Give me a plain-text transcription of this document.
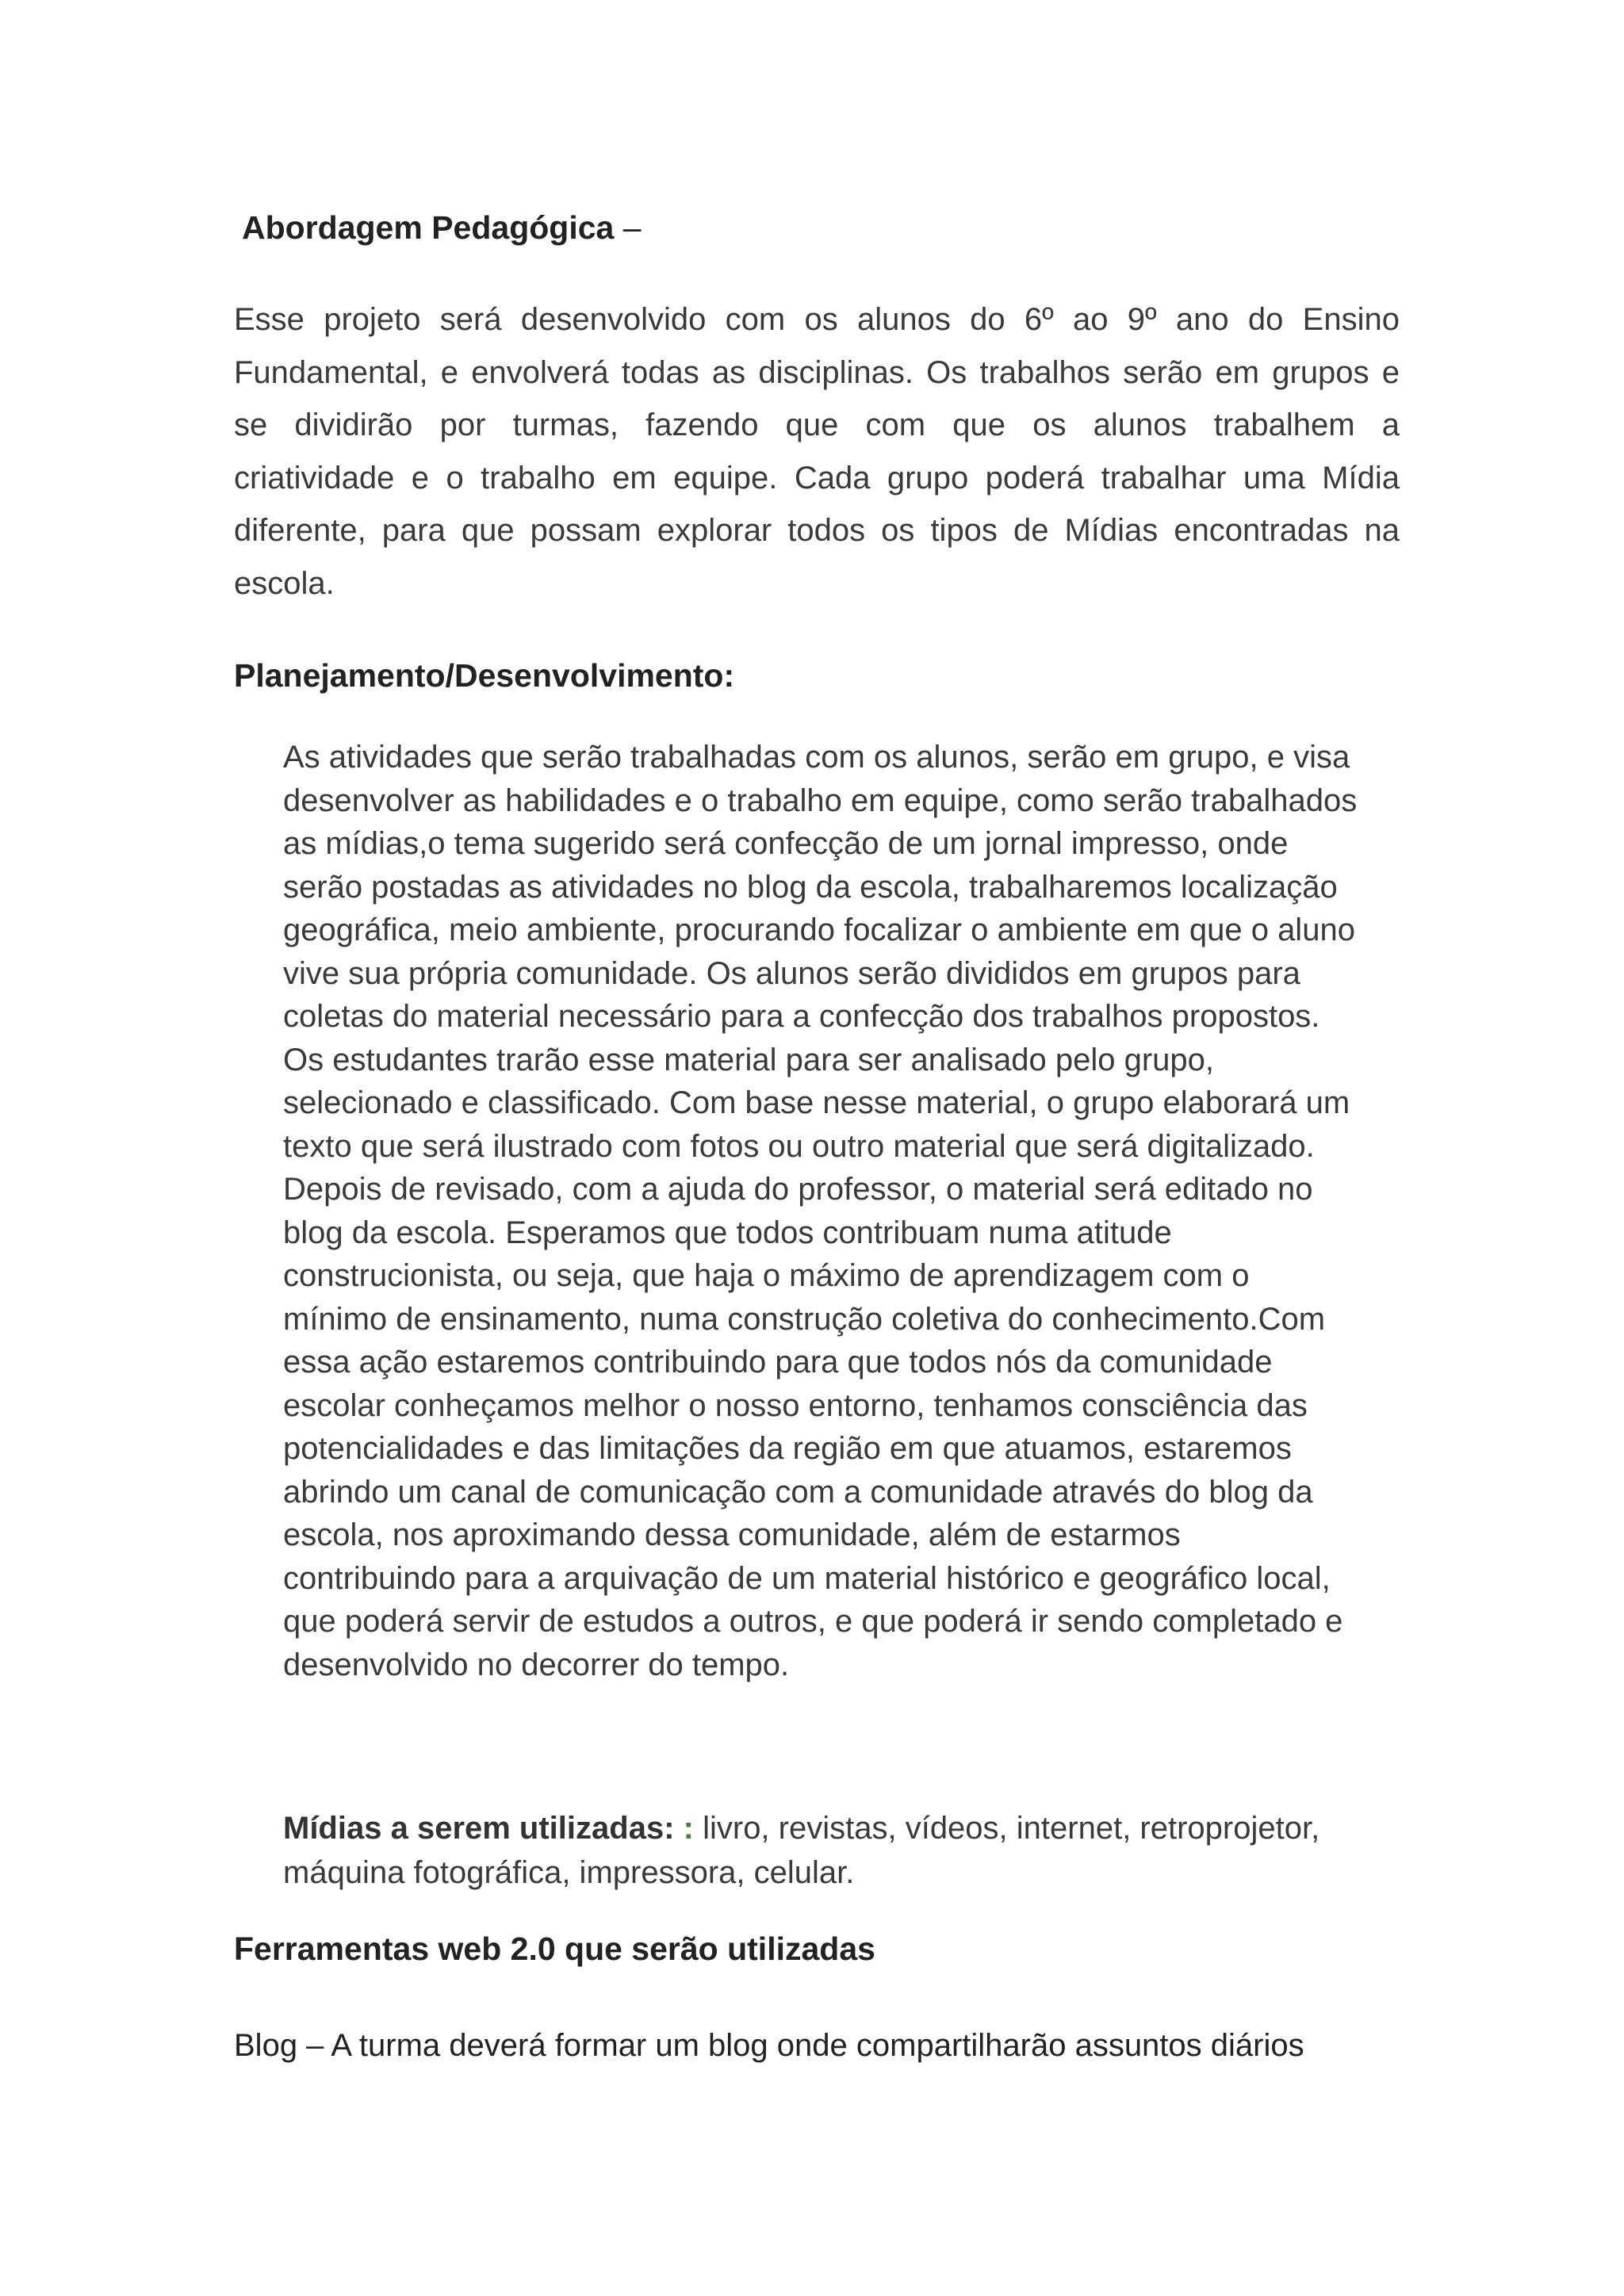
Abordagem Pedagógica –
Esse projeto será desenvolvido com os alunos do 6º ao 9º ano do Ensino
Fundamental, e envolverá todas as disciplinas. Os trabalhos serão em grupos e
se dividirão por turmas, fazendo que com que os alunos trabalhem a
criatividade e o trabalho em equipe. Cada grupo poderá trabalhar uma Mídia
diferente, para que possam explorar todos os tipos de Mídias encontradas na
escola.
Planejamento/Desenvolvimento:
As atividades que serão trabalhadas com os alunos, serão em grupo, e visa
desenvolver as habilidades e o trabalho em equipe, como serão trabalhados
as mídias,o tema sugerido será confecção de um jornal impresso, onde
serão postadas as atividades no blog da escola, trabalharemos localização
geográfica, meio ambiente, procurando focalizar o ambiente em que o aluno
vive sua própria comunidade. Os alunos serão divididos em grupos para
coletas do material necessário para a confecção dos trabalhos propostos.
Os estudantes trarão esse material para ser analisado pelo grupo,
selecionado e classificado. Com base nesse material, o grupo elaborará um
texto que será ilustrado com fotos ou outro material que será digitalizado.
Depois de revisado, com a ajuda do professor, o material será editado no
blog da escola. Esperamos que todos contribuam numa atitude
construcionista, ou seja, que haja o máximo de aprendizagem com o
mínimo de ensinamento, numa construção coletiva do conhecimento.Com
essa ação estaremos contribuindo para que todos nós da comunidade
escolar conheçamos melhor o nosso entorno, tenhamos consciência das
potencialidades e das limitações da região em que atuamos, estaremos
abrindo um canal de comunicação com a comunidade através do blog da
escola, nos aproximando dessa comunidade, além de estarmos
contribuindo para a arquivação de um material histórico e geográfico local,
que poderá servir de estudos a outros, e que poderá ir sendo completado e
desenvolvido no decorrer do tempo.
Mídias a serem utilizadas: : livro, revistas, vídeos, internet, retroprojetor,
máquina fotográfica, impressora, celular.
Ferramentas web 2.0 que serão utilizadas
Blog – A turma deverá formar um blog onde compartilharão assuntos diários
